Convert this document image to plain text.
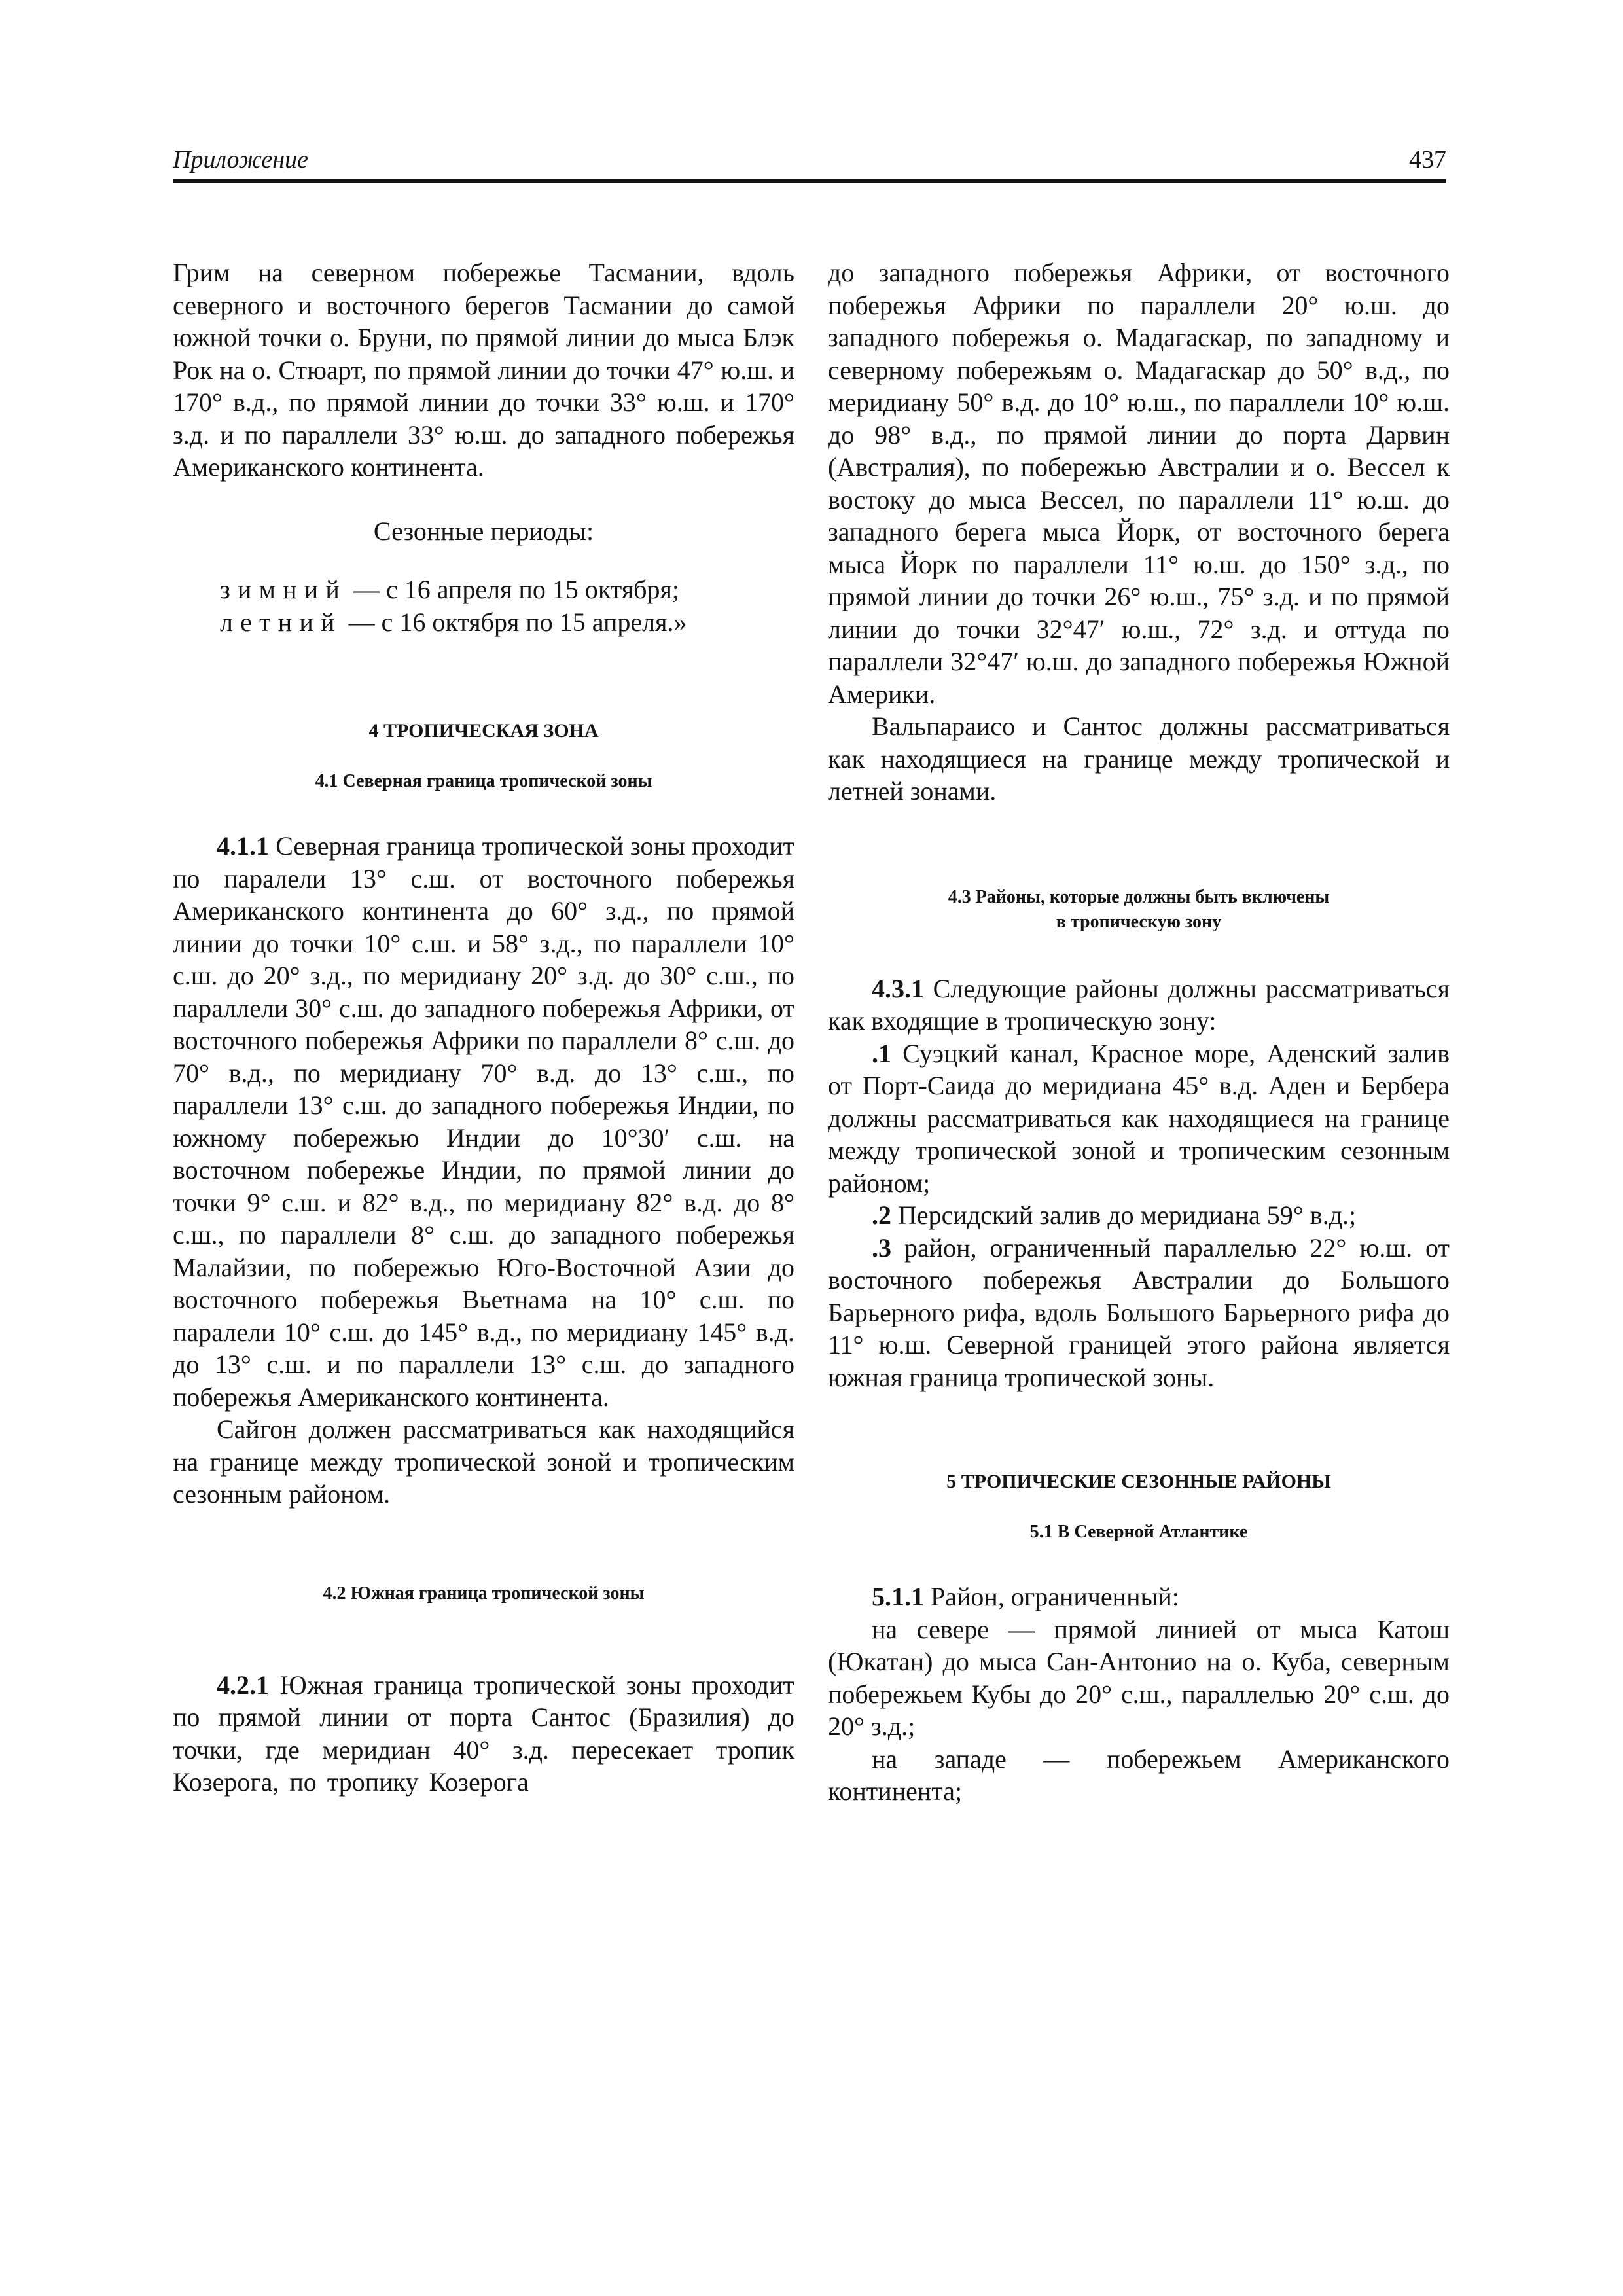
Приложение	437

Грим на северном побережье Тасмании, вдоль северного и восточного берегов Тасмании до самой южной точки о. Бруни, по прямой линии до мыса Блэк Рок на о. Стюарт, по прямой линии до точки 47° ю.ш. и 170° в.д., по прямой линии до точки 33° ю.ш. и 170° з.д. и по параллели 33° ю.ш. до западного побережья Американского континента.

Сезонные периоды:

зимний — с 16 апреля по 15 октября;

летний — с 16 октября по 15 апреля.»

4 ТРОПИЧЕСКАЯ ЗОНА

4.1 Северная граница тропической зоны

4.1.1 Северная граница тропической зоны проходит по паралели 13° с.ш. от восточного побережья Американского континента до 60° з.д., по прямой линии до точки 10° с.ш. и 58° з.д., по параллели 10° с.ш. до 20° з.д., по меридиану 20° з.д. до 30° с.ш., по параллели 30° с.ш. до западного побережья Африки, от восточного побережья Африки по параллели 8° с.ш. до 70° в.д., по меридиану 70° в.д. до 13° с.ш., по параллели 13° с.ш. до западного побережья Индии, по южному побережью Индии до 10°30′ с.ш. на восточном побережье Индии, по прямой линии до точки 9° с.ш. и 82° в.д., по меридиану 82° в.д. до 8° с.ш., по параллели 8° с.ш. до западного побережья Малайзии, по побережью Юго-Восточной Азии до восточного побережья Вьетнама на 10° с.ш. по паралели 10° с.ш. до 145° в.д., по меридиану 145° в.д. до 13° с.ш. и по параллели 13° с.ш. до западного побережья Американского континента.

Сайгон должен рассматриваться как находящийся на границе между тропической зоной и тропическим сезонным районом.

4.2 Южная граница тропической зоны

4.2.1 Южная граница тропической зоны проходит по прямой линии от порта Сантос (Бразилия) до точки, где меридиан 40° з.д. пересекает тропик Козерога, по тропику Козерога

до западного побережья Африки, от восточного побережья Африки по параллели 20° ю.ш. до западного побережья о. Мадагаскар, по западному и северному побережьям о. Мадагаскар до 50° в.д., по меридиану 50° в.д. до 10° ю.ш., по параллели 10° ю.ш. до 98° в.д., по прямой линии до порта Дарвин (Австралия), по побережью Австралии и о. Вессел к востоку до мыса Вессел, по параллели 11° ю.ш. до западного берега мыса Йорк, от восточного берега мыса Йорк по параллели 11° ю.ш. до 150° з.д., по прямой линии до точки 26° ю.ш., 75° з.д. и по прямой линии до точки 32°47′ ю.ш., 72° з.д. и оттуда по параллели 32°47′ ю.ш. до западного побережья Южной Америки.

Вальпараисо и Сантос должны рассматриваться как находящиеся на границе между тропической и летней зонами.

4.3 Районы, которые должны быть включены

в тропическую зону

4.3.1 Следующие районы должны рассматриваться как входящие в тропическую зону:

.1 Суэцкий канал, Красное море, Аденский залив от Порт-Саида до меридиана 45° в.д. Аден и Бербера должны рассматриваться как находящиеся на границе между тропической зоной и тропическим сезонным районом;

.2 Персидский залив до меридиана 59° в.д.;

.3 район, ограниченный параллелью 22° ю.ш. от восточного побережья Австралии до Большого Барьерного рифа, вдоль Большого Барьерного рифа до 11° ю.ш. Северной границей этого района является южная граница тропической зоны.

5 ТРОПИЧЕСКИЕ СЕЗОННЫЕ РАЙОНЫ

5.1 В Северной Атлантике

5.1.1 Район, ограниченный:

на севере — прямой линией от мыса Катош (Юкатан) до мыса Сан-Антонио на о. Куба, северным побережьем Кубы до 20° с.ш., параллелью 20° с.ш. до 20° з.д.;

на западе — побережьем Американского континента;
